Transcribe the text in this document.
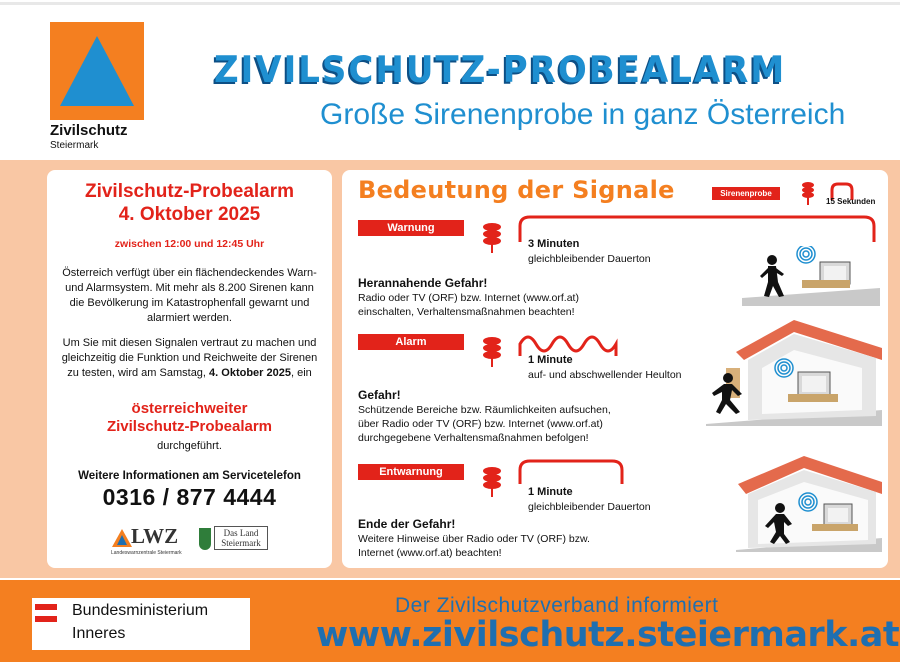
Zivilschutz
Steiermark
ZIVILSCHUTZ-PROBEALARM
Große Sirenenprobe in ganz Österreich

Zivilschutz-Probealarm
4. Oktober 2025
zwischen 12:00 und 12:45 Uhr
Österreich verfügt über ein flächendeckendes Warn- und Alarmsystem. Mit mehr als 8.200 Sirenen kann die Bevölkerung im Katastrophenfall gewarnt und alarmiert werden.
Um Sie mit diesen Signalen vertraut zu machen und gleichzeitig die Funktion und Reichweite der Sirenen zu testen, wird am Samstag, 4. Oktober 2025, ein
österreichweiter
Zivilschutz-Probealarm
durchgeführt.
Weitere Informationen am Servicetelefon
0316 / 877 4444
LWZ
Landeswarnzentrale Steiermark
Das Land
Steiermark
Bedeutung der Signale	Sirenenprobe
15 Sekunden
Warnung
3 Minuten
gleichbleibender Dauerton
Herannahende Gefahr!
Radio oder TV (ORF) bzw. Internet (www.orf.at)
einschalten, Verhaltensmaßnahmen beachten!
Alarm
1 Minute
auf- und abschwellender Heulton
Gefahr!
Schützende Bereiche bzw. Räumlichkeiten aufsuchen,
über Radio oder TV (ORF) bzw. Internet (www.orf.at)
durchgegebene Verhaltensmaßnahmen befolgen!
Entwarnung
1 Minute
gleichbleibender Dauerton
Ende der Gefahr!
Weitere Hinweise über Radio oder TV (ORF) bzw.
Internet (www.orf.at) beachten!
Bundesministerium
Inneres
Der Zivilschutzverband informiert
www.zivilschutz.steiermark.at
